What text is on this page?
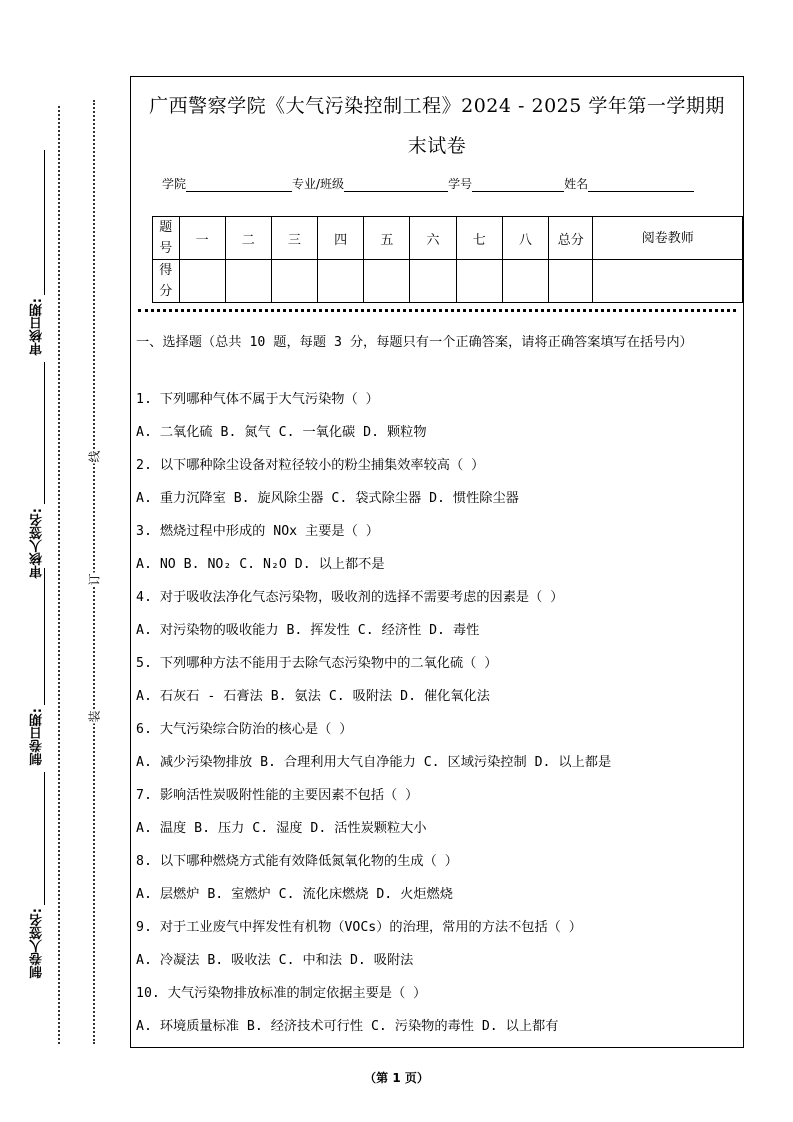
审核日期:
审核人签名:
制卷日期:
制卷人签名:
线
订
装
广西警察学院《大气污染控制工程》2024 - 2025 学年第一学期期
末试卷
学院	专业/班级	学号	姓名
题号	一	二	三	四	五	六	七	八	总分	阅卷教师
得分										
一、选择题（总共 10 题，每题 3 分，每题只有一个正确答案，请将正确答案填写在括号内）
1. 下列哪种气体不属于大气污染物（ ）
A. 二氧化硫 B. 氮气 C. 一氧化碳 D. 颗粒物
2. 以下哪种除尘设备对粒径较小的粉尘捕集效率较高（ ）
A. 重力沉降室 B. 旋风除尘器 C. 袋式除尘器 D. 惯性除尘器
3. 燃烧过程中形成的 NOx 主要是（ ）
A. NO B. NO₂ C. N₂O D. 以上都不是
4. 对于吸收法净化气态污染物，吸收剂的选择不需要考虑的因素是（ ）
A. 对污染物的吸收能力 B. 挥发性 C. 经济性 D. 毒性
5. 下列哪种方法不能用于去除气态污染物中的二氧化硫（ ）
A. 石灰石 - 石膏法 B. 氨法 C. 吸附法 D. 催化氧化法
6. 大气污染综合防治的核心是（ ）
A. 减少污染物排放 B. 合理利用大气自净能力 C. 区域污染控制 D. 以上都是
7. 影响活性炭吸附性能的主要因素不包括（ ）
A. 温度 B. 压力 C. 湿度 D. 活性炭颗粒大小
8. 以下哪种燃烧方式能有效降低氮氧化物的生成（ ）
A. 层燃炉 B. 室燃炉 C. 流化床燃烧 D. 火炬燃烧
9. 对于工业废气中挥发性有机物（VOCs）的治理，常用的方法不包括（ ）
A. 冷凝法 B. 吸收法 C. 中和法 D. 吸附法
10. 大气污染物排放标准的制定依据主要是（ ）
A. 环境质量标准 B. 经济技术可行性 C. 污染物的毒性 D. 以上都有
（第 1 页）
